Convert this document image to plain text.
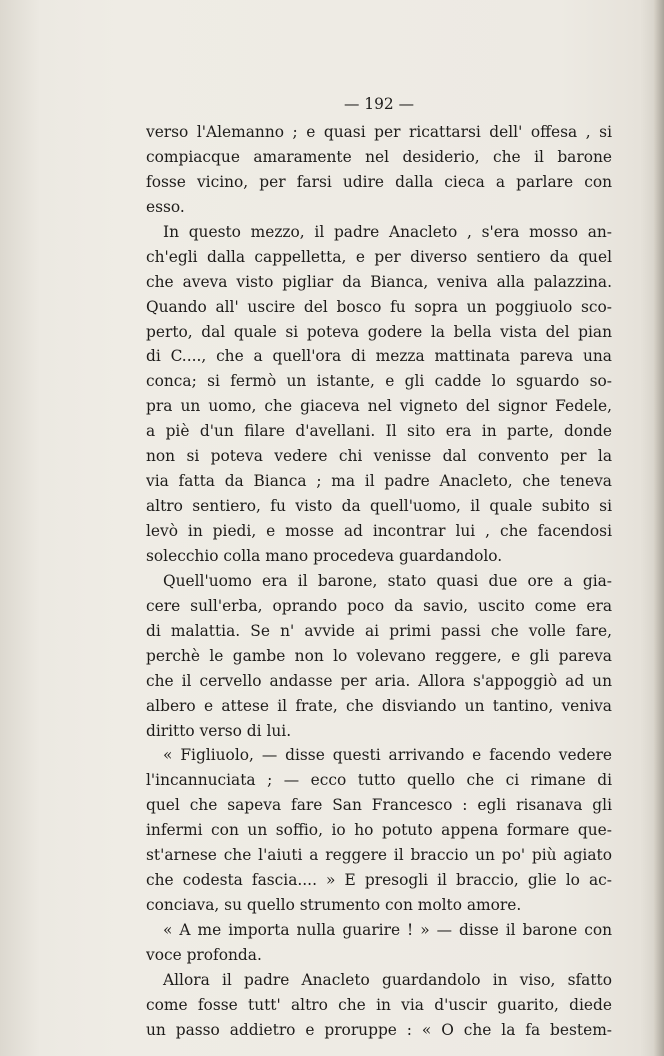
— 192 —
verso l'Alemanno ; e quasi per ricattarsi dell' offesa , si
compiacque amaramente nel desiderio, che il barone
fosse vicino, per farsi udire dalla cieca a parlare con
esso.
In questo mezzo, il padre Anacleto , s'era mosso an-
ch'egli dalla cappelletta, e per diverso sentiero da quel
che aveva visto pigliar da Bianca, veniva alla palazzina.
Quando all' uscire del bosco fu sopra un poggiuolo sco-
perto, dal quale si poteva godere la bella vista del pian
di C...., che a quell'ora di mezza mattinata pareva una
conca; si fermò un istante, e gli cadde lo sguardo so-
pra un uomo, che giaceva nel vigneto del signor Fedele,
a piè d'un filare d'avellani. Il sito era in parte, donde
non si poteva vedere chi venisse dal convento per la
via fatta da Bianca ; ma il padre Anacleto, che teneva
altro sentiero, fu visto da quell'uomo, il quale subito si
levò in piedi, e mosse ad incontrar lui , che facendosi
solecchio colla mano procedeva guardandolo.
Quell'uomo era il barone, stato quasi due ore a gia-
cere sull'erba, oprando poco da savio, uscito come era
di malattia. Se n' avvide ai primi passi che volle fare,
perchè le gambe non lo volevano reggere, e gli pareva
che il cervello andasse per aria. Allora s'appoggiò ad un
albero e attese il frate, che disviando un tantino, veniva
diritto verso di lui.
« Figliuolo, — disse questi arrivando e facendo vedere
l'incannuciata ; — ecco tutto quello che ci rimane di
quel che sapeva fare San Francesco : egli risanava gli
infermi con un soffio, io ho potuto appena formare que-
st'arnese che l'aiuti a reggere il braccio un po' più agiato
che codesta fascia.... » E presogli il braccio, glie lo ac-
conciava, su quello strumento con molto amore.
« A me importa nulla guarire ! » — disse il barone con
voce profonda.
Allora il padre Anacleto guardandolo in viso, sfatto
come fosse tutt' altro che in via d'uscir guarito, diede
un passo addietro e proruppe : « O che la fa bestem-
